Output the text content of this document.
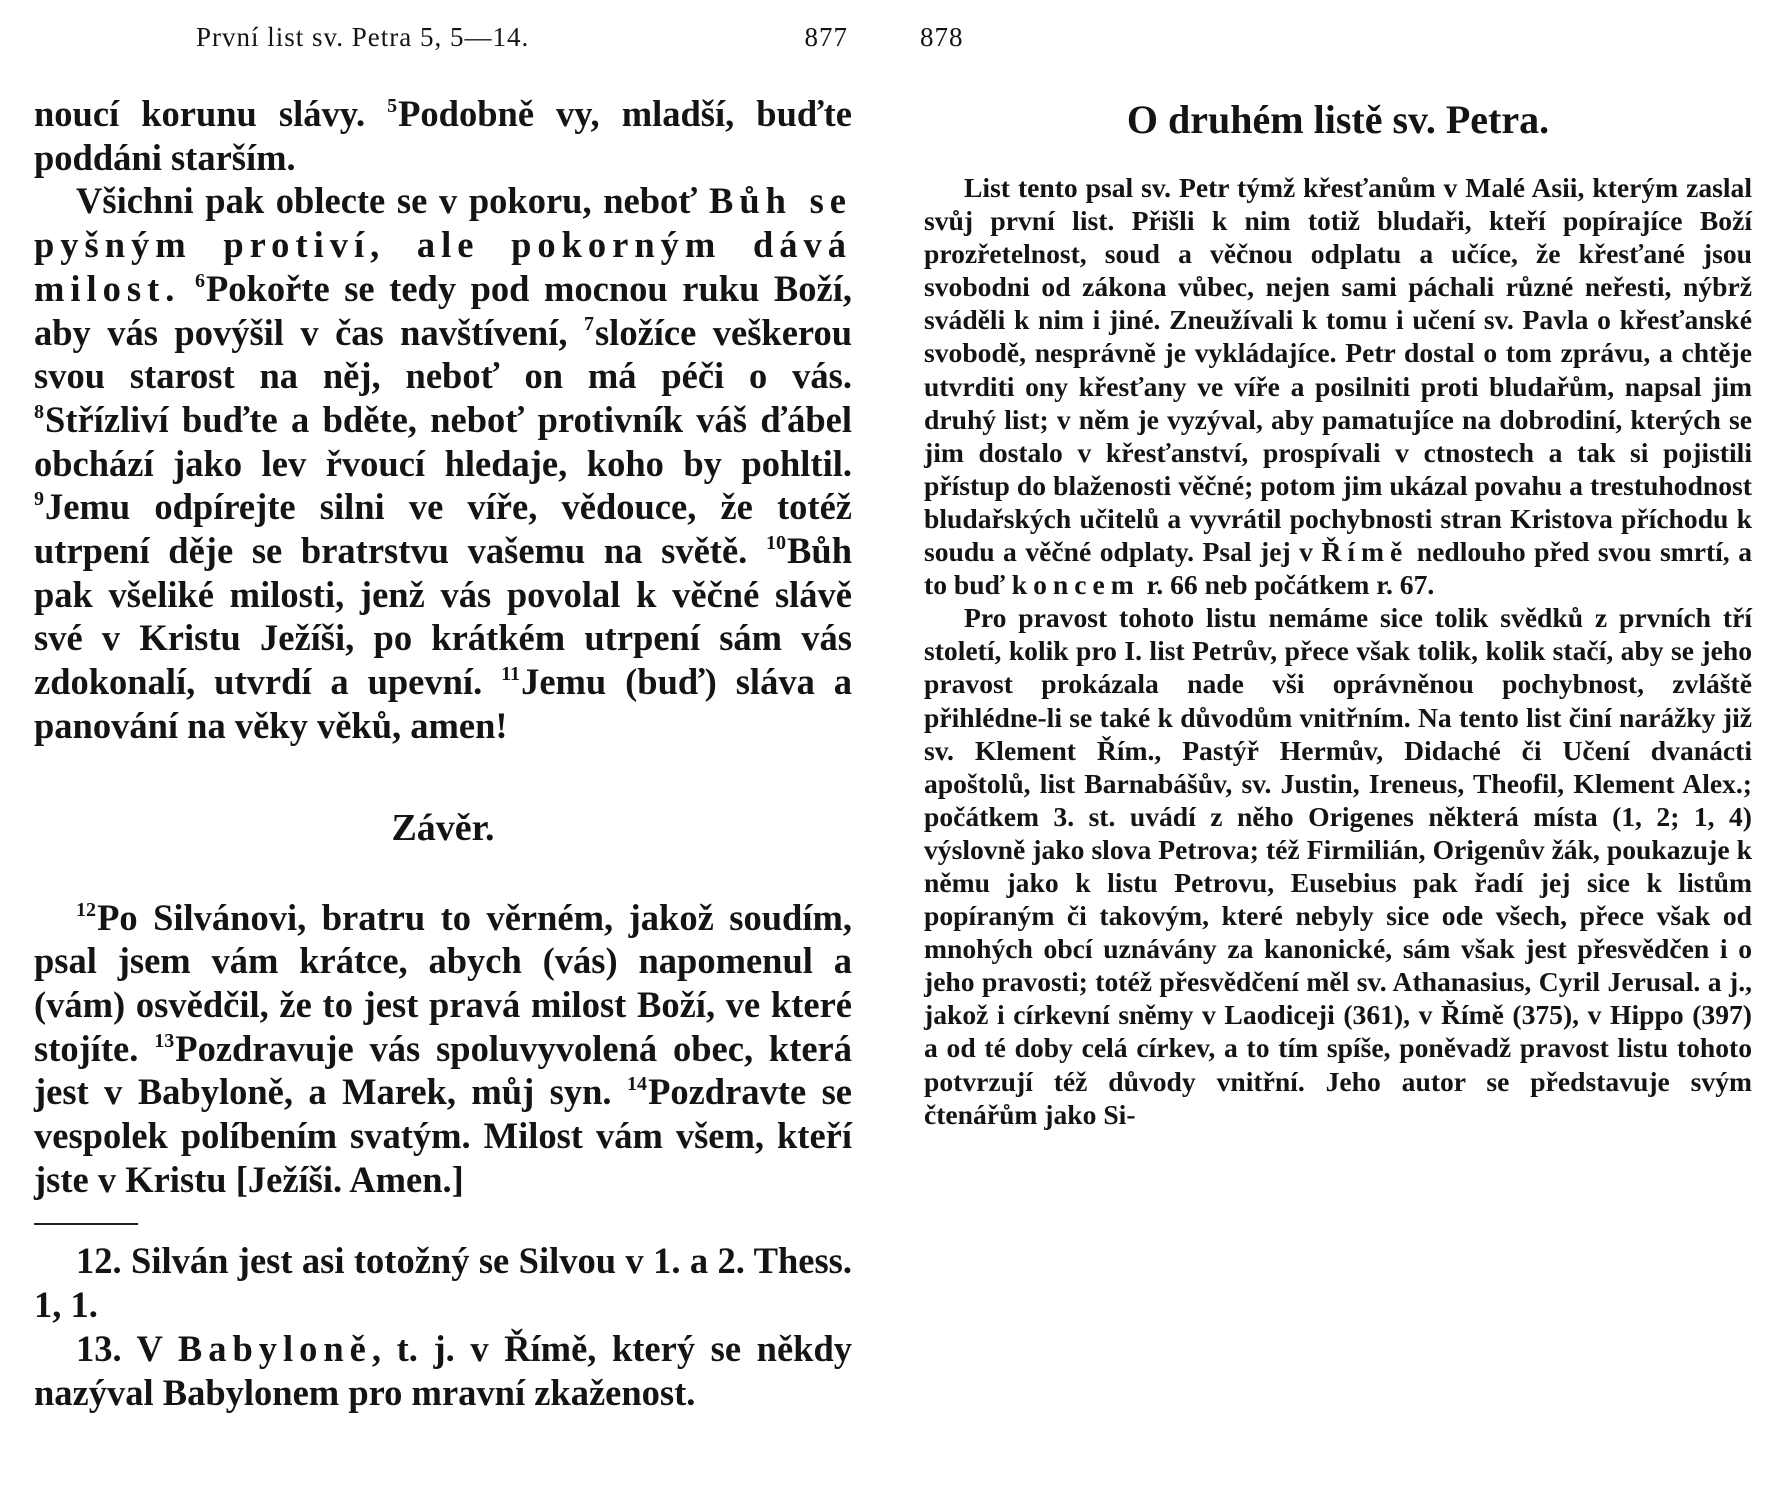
První list sv. Petra 5, 5—14.	877

noucí korunu slávy. $^5$Podobně vy, mladší, buďte poddáni starším.

Všichni pak oblecte se v pokoru, neboť Bůh se pyšným protiví, ale pokorným dává milost. $^6$Pokořte se tedy pod mocnou ruku Boží, aby vás povýšil v čas navštívení, $^7$složíce veškerou svou starost na něj, neboť on má péči o vás. $^8$Střízliví buďte a bděte, neboť protivník váš ďábel obchází jako lev řvoucí hledaje, koho by pohltil. $^9$Jemu odpírejte silni ve víře, vědouce, že totéž utrpení děje se bratrstvu vašemu na světě. $^{10}$Bůh pak všeliké milosti, jenž vás povolal k věčné slávě své v Kristu Ježíši, po krátkém utrpení sám vás zdokonalí, utvrdí a upevní. $^{11}$Jemu (buď) sláva a panování na věky věků, amen!

Závěr.

$^{12}$Po Silvánovi, bratru to věrném, jakož soudím, psal jsem vám krátce, abych (vás) napomenul a (vám) osvědčil, že to jest pravá milost Boží, ve které stojíte. $^{13}$Pozdravuje vás spoluvyvolená obec, která jest v Babyloně, a Marek, můj syn. $^{14}$Pozdravte se vespolek políbením svatým. Milost vám všem, kteří jste v Kristu [Ježíši. Amen.]

12. Silván jest asi totožný se Silvou v 1. a 2. Thess. 1, 1.

13. V Babyloně, t. j. v Římě, který se někdy nazýval Babylonem pro mravní zkaženost.

878
O druhém listě sv. Petra.

List tento psal sv. Petr týmž křesťanům v Malé Asii, kterým zaslal svůj první list. Přišli k nim totiž bludaři, kteří popírajíce Boží prozřetelnost, soud a věčnou odplatu a učíce, že křesťané jsou svobodni od zákona vůbec, nejen sami páchali různé neřesti, nýbrž sváděli k nim i jiné. Zneužívali k tomu i učení sv. Pavla o křesťanské svobodě, nesprávně je vykládajíce. Petr dostal o tom zprávu, a chtěje utvrditi ony křesťany ve víře a posilniti proti bludařům, napsal jim druhý list; v něm je vyzýval, aby pamatujíce na dobrodiní, kterých se jim dostalo v křesťanství, prospívali v ctnostech a tak si pojistili přístup do blaženosti věčné; potom jim ukázal povahu a trestuhodnost bludařských učitelů a vyvrátil pochybnosti stran Kristova příchodu k soudu a věčné odplaty. Psal jej v Římě nedlouho před svou smrtí, a to buď koncem r. 66 neb počátkem r. 67.

Pro pravost tohoto listu nemáme sice tolik svědků z prvních tří století, kolik pro I. list Petrův, přece však tolik, kolik stačí, aby se jeho pravost prokázala nade vši oprávněnou pochybnost, zvláště přihlédne-li se také k důvodům vnitřním. Na tento list činí narážky již sv. Klement Řím., Pastýř Hermův, Didaché či Učení dvanácti apoštolů, list Barnabášův, sv. Justin, Ireneus, Theofil, Klement Alex.; počátkem 3. st. uvádí z něho Origenes některá místa (1, 2; 1, 4) výslovně jako slova Petrova; též Firmilián, Origenův žák, poukazuje k němu jako k listu Petrovu, Eusebius pak řadí jej sice k listům popíraným či takovým, které nebyly sice ode všech, přece však od mnohých obcí uznávány za kanonické, sám však jest přesvědčen i o jeho pravosti; totéž přesvědčení měl sv. Athanasius, Cyril Jerusal. a j., jakož i církevní sněmy v Laodiceji (361), v Římě (375), v Hippo (397) a od té doby celá církev, a to tím spíše, poněvadž pravost listu tohoto potvrzují též důvody vnitřní. Jeho autor se představuje svým čtenářům jako Si-
